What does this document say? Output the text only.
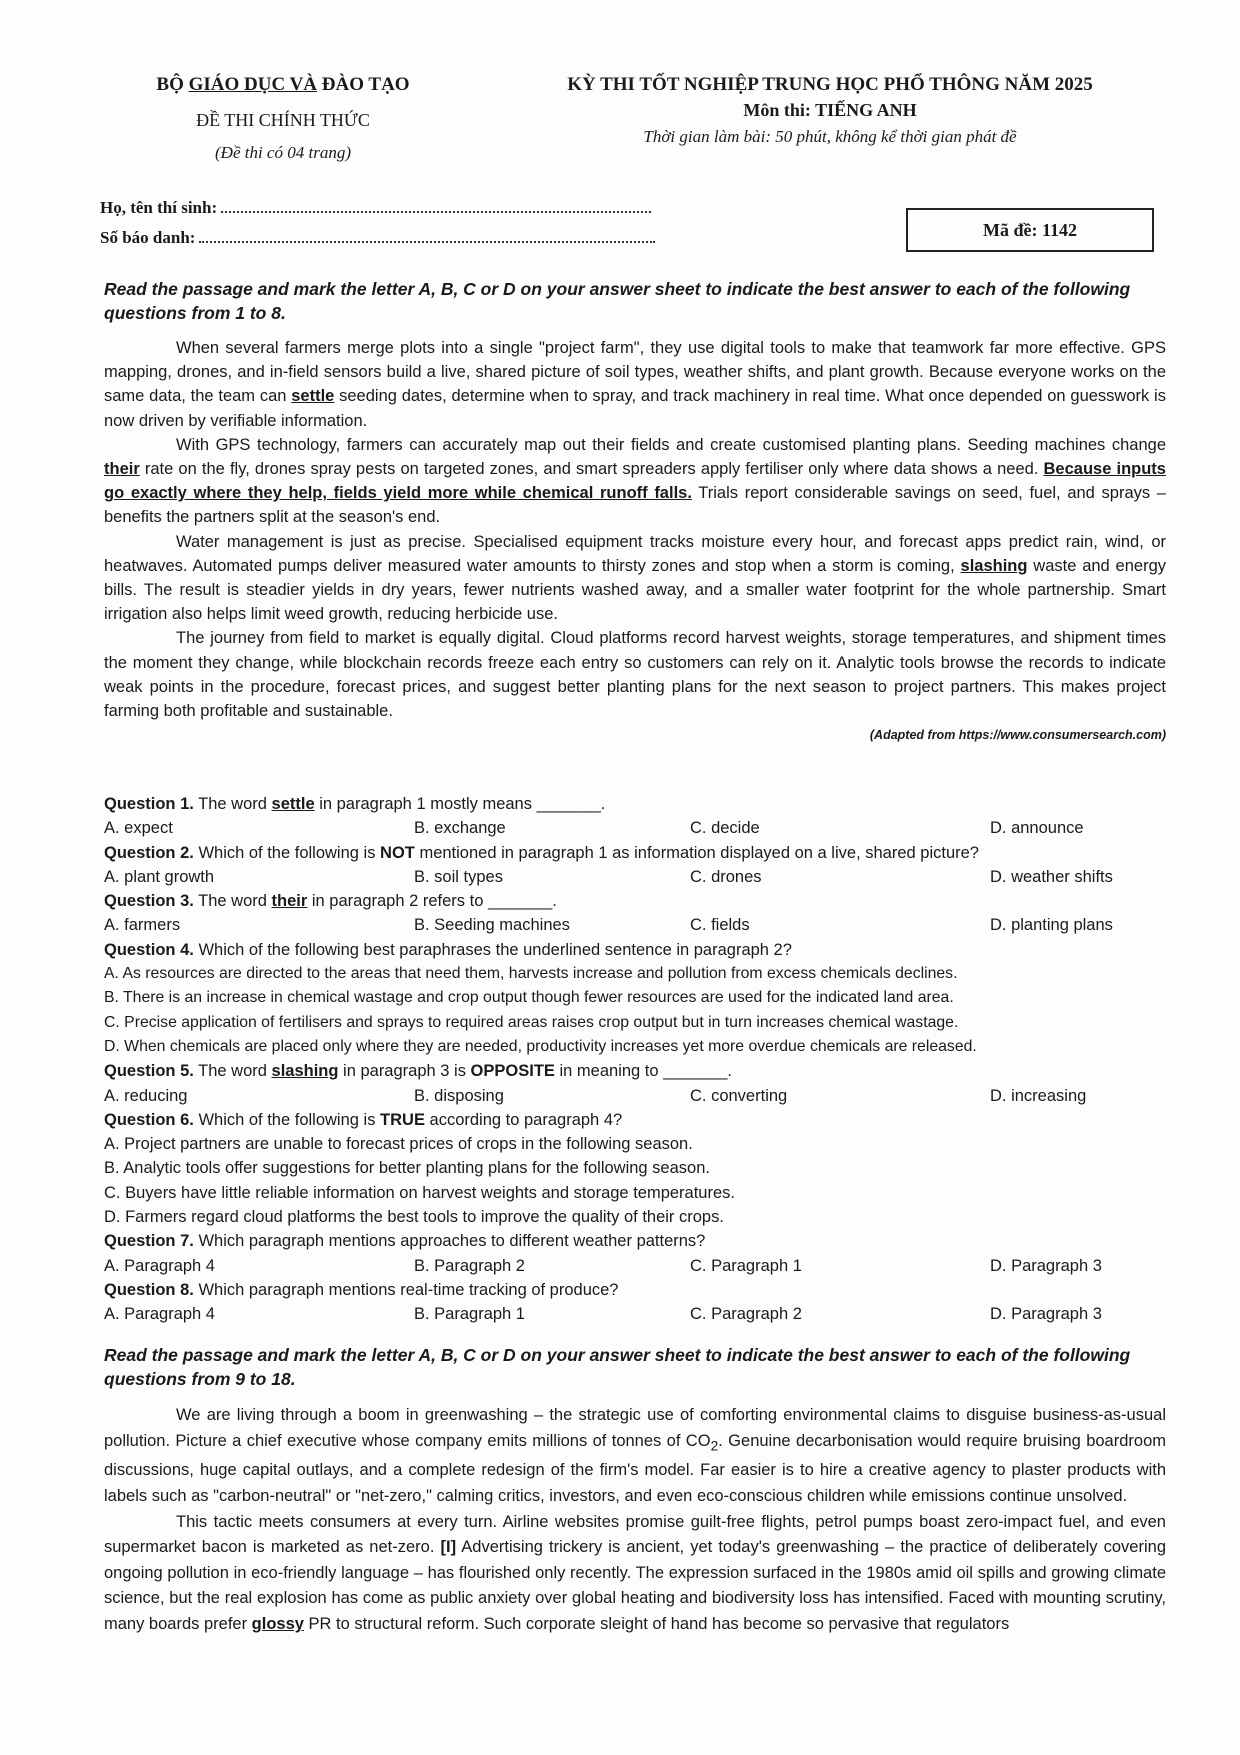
BỘ GIÁO DỤC VÀ ĐÀO TẠO
ĐỀ THI CHÍNH THỨC
(Đề thi có 04 trang)
KỲ THI TỐT NGHIỆP TRUNG HỌC PHỔ THÔNG NĂM 2025
Môn thi: TIẾNG ANH
Thời gian làm bài: 50 phút, không kể thời gian phát đề
Họ, tên thí sinh:
Số báo danh:	Mã đề: 1142
Read the passage and mark the letter A, B, C or D on your answer sheet to indicate the best answer to each of the following questions from 1 to 8.

When several farmers merge plots into a single "project farm", they use digital tools to make that teamwork far more effective. GPS mapping, drones, and in-field sensors build a live, shared picture of soil types, weather shifts, and plant growth. Because everyone works on the same data, the team can settle seeding dates, determine when to spray, and track machinery in real time. What once depended on guesswork is now driven by verifiable information.

With GPS technology, farmers can accurately map out their fields and create customised planting plans. Seeding machines change their rate on the fly, drones spray pests on targeted zones, and smart spreaders apply fertiliser only where data shows a need. Because inputs go exactly where they help, fields yield more while chemical runoff falls. Trials report considerable savings on seed, fuel, and sprays – benefits the partners split at the season's end.

Water management is just as precise. Specialised equipment tracks moisture every hour, and forecast apps predict rain, wind, or heatwaves. Automated pumps deliver measured water amounts to thirsty zones and stop when a storm is coming, slashing waste and energy bills. The result is steadier yields in dry years, fewer nutrients washed away, and a smaller water footprint for the whole partnership. Smart irrigation also helps limit weed growth, reducing herbicide use.

The journey from field to market is equally digital. Cloud platforms record harvest weights, storage temperatures, and shipment times the moment they change, while blockchain records freeze each entry so customers can rely on it. Analytic tools browse the records to indicate weak points in the procedure, forecast prices, and suggest better planting plans for the next season to project partners. This makes project farming both profitable and sustainable.

(Adapted from https://www.consumersearch.com)
Question 1. The word settle in paragraph 1 mostly means _______.
A. expect	B. exchange	C. decide	D. announce
Question 2. Which of the following is NOT mentioned in paragraph 1 as information displayed on a live, shared picture?
A. plant growth	B. soil types	C. drones	D. weather shifts
Question 3. The word their in paragraph 2 refers to _______.
A. farmers	B. Seeding machines	C. fields	D. planting plans
Question 4. Which of the following best paraphrases the underlined sentence in paragraph 2?
A. As resources are directed to the areas that need them, harvests increase and pollution from excess chemicals declines.
B. There is an increase in chemical wastage and crop output though fewer resources are used for the indicated land area.
C. Precise application of fertilisers and sprays to required areas raises crop output but in turn increases chemical wastage.
D. When chemicals are placed only where they are needed, productivity increases yet more overdue chemicals are released.
Question 5. The word slashing in paragraph 3 is OPPOSITE in meaning to _______.
A. reducing	B. disposing	C. converting	D. increasing
Question 6. Which of the following is TRUE according to paragraph 4?
A. Project partners are unable to forecast prices of crops in the following season.
B. Analytic tools offer suggestions for better planting plans for the following season.
C. Buyers have little reliable information on harvest weights and storage temperatures.
D. Farmers regard cloud platforms the best tools to improve the quality of their crops.
Question 7. Which paragraph mentions approaches to different weather patterns?
A. Paragraph 4	B. Paragraph 2	C. Paragraph 1	D. Paragraph 3
Question 8. Which paragraph mentions real-time tracking of produce?
A. Paragraph 4	B. Paragraph 1	C. Paragraph 2	D. Paragraph 3
Read the passage and mark the letter A, B, C or D on your answer sheet to indicate the best answer to each of the following questions from 9 to 18.

We are living through a boom in greenwashing – the strategic use of comforting environmental claims to disguise business-as-usual pollution. Picture a chief executive whose company emits millions of tonnes of $CO_2$. Genuine decarbonisation would require bruising boardroom discussions, huge capital outlays, and a complete redesign of the firm's model. Far easier is to hire a creative agency to plaster products with labels such as "carbon-neutral" or "net-zero," calming critics, investors, and even eco-conscious children while emissions continue unsolved.

This tactic meets consumers at every turn. Airline websites promise guilt-free flights, petrol pumps boast zero-impact fuel, and even supermarket bacon is marketed as net-zero. [I] Advertising trickery is ancient, yet today's greenwashing – the practice of deliberately covering ongoing pollution in eco-friendly language – has flourished only recently. The expression surfaced in the 1980s amid oil spills and growing climate science, but the real explosion has come as public anxiety over global heating and biodiversity loss has intensified. Faced with mounting scrutiny, many boards prefer glossy PR to structural reform. Such corporate sleight of hand has become so pervasive that regulators
